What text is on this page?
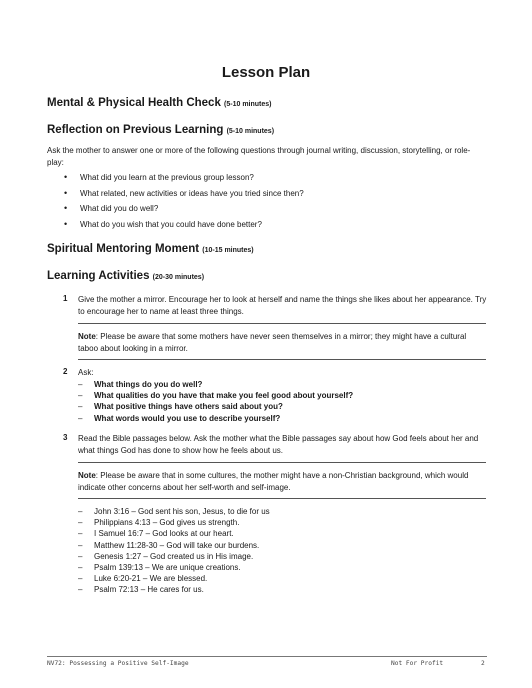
Lesson Plan
Mental & Physical Health Check (5-10 minutes)
Reflection on Previous Learning (5-10 minutes)
Ask the mother to answer one or more of the following questions through journal writing, discussion, storytelling, or role-play:
• What did you learn at the previous group lesson?
• What related, new activities or ideas have you tried since then?
• What did you do well?
• What do you wish that you could have done better?
Spiritual Mentoring Moment (10-15 minutes)
Learning Activities (20-30 minutes)
1 Give the mother a mirror. Encourage her to look at herself and name the things she likes about her appearance. Try to encourage her to name at least three things.
Note: Please be aware that some mothers have never seen themselves in a mirror; they might have a cultural taboo about looking in a mirror.
2 Ask:
– What things do you do well?
– What qualities do you have that make you feel good about yourself?
– What positive things have others said about you?
– What words would you use to describe yourself?
3 Read the Bible passages below. Ask the mother what the Bible passages say about how God feels about her and what things God has done to show how he feels about us.
Note: Please be aware that in some cultures, the mother might have a non-Christian background, which would indicate other concerns about her self-worth and self-image.
– John 3:16 – God sent his son, Jesus, to die for us
– Philippians 4:13 – God gives us strength.
– I Samuel 16:7 – God looks at our heart.
– Matthew 11:28-30 – God will take our burdens.
– Genesis 1:27 – God created us in His image.
– Psalm 139:13 – We are unique creations.
– Luke 6:20-21 – We are blessed.
– Psalm 72:13 – He cares for us.
NV72: Possessing a Positive Self-Image	Not For Profit	2
